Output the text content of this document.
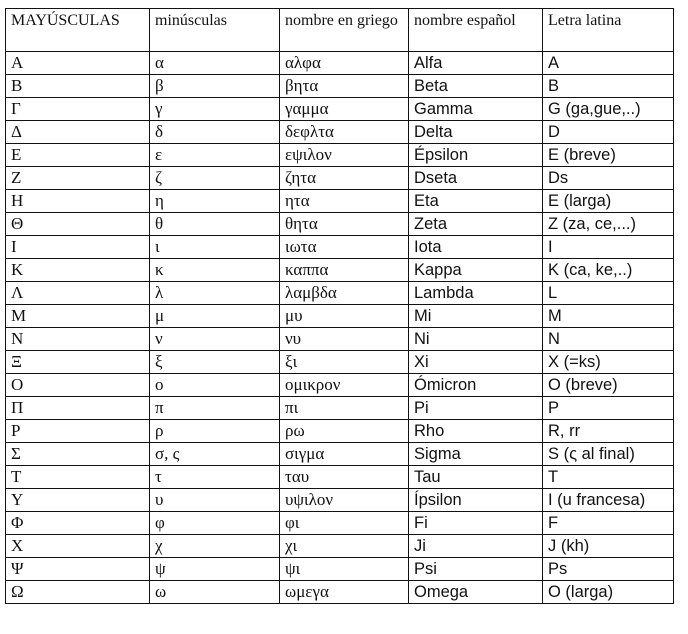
MAYÚSCULAS	minúsculas	nombre en griego	nombre español	Letra latina
Α	α	αλφα	Alfa	A
Β	β	βητα	Beta	B
Γ	γ	γαμμα	Gamma	G (ga,gue,..)
Δ	δ	δεφλτα	Delta	D
Ε	ε	εψιλον	Épsilon	E (breve)
Ζ	ζ	ζητα	Dseta	Ds
Η	η	ητα	Eta	E (larga)
Θ	θ	θητα	Zeta	Z (za, ce,...)
Ι	ι	ιωτα	Iota	I
Κ	κ	καππα	Kappa	K (ca, ke,..)
Λ	λ	λαμβδα	Lambda	L
Μ	μ	μυ	Mi	M
Ν	ν	νυ	Ni	N
Ξ	ξ	ξι	Xi	X (=ks)
Ο	ο	ομικρον	Ómicron	O (breve)
Π	π	πι	Pi	P
Ρ	ρ	ρω	Rho	R, rr
Σ	σ, ς	σιγμα	Sigma	S (ς al final)
Τ	τ	ταυ	Tau	T
Υ	υ	υψιλον	Ípsilon	I (u francesa)
Φ	φ	φι	Fi	F
Χ	χ	χι	Ji	J (kh)
Ψ	ψ	ψι	Psi	Ps
Ω	ω	ωμεγα	Omega	O (larga)
